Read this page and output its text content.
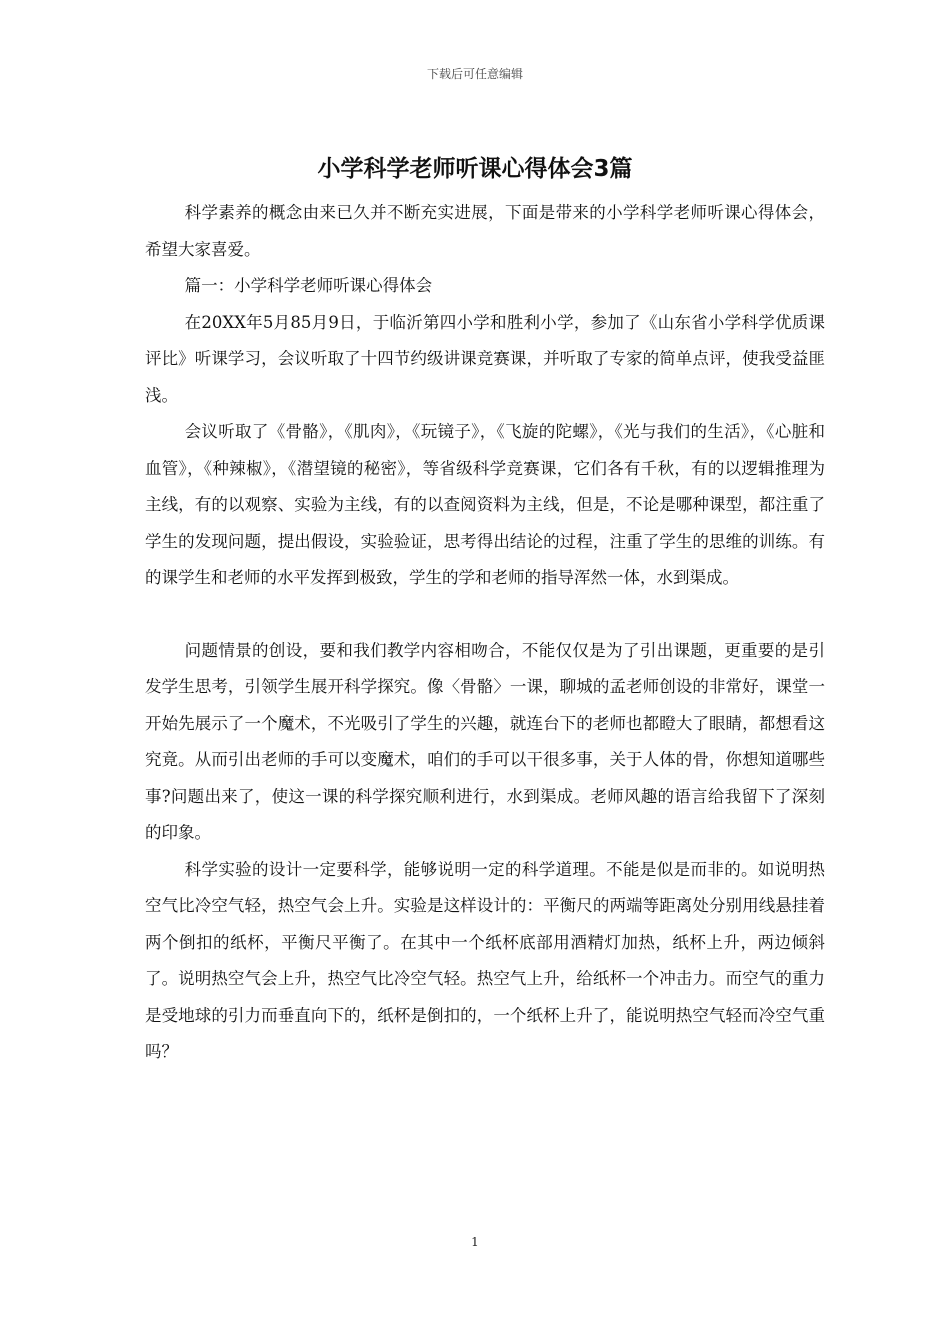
下载后可任意编辑
小学科学老师听课心得体会3篇

科学素养的概念由来已久并不断充实进展，下面是带来的小学科学老师听课心得体会，希望大家喜爱。

篇一：小学科学老师听课心得体会

在20XX年5月85月9日，于临沂第四小学和胜利小学，参加了《山东省小学科学优质课评比》听课学习，会议听取了十四节约级讲课竞赛课，并听取了专家的简单点评，使我受益匪浅。

会议听取了《骨骼》，《肌肉》，《玩镜子》，《飞旋的陀螺》，《光与我们的生活》，《心脏和血管》，《种辣椒》，《潜望镜的秘密》，等省级科学竞赛课，它们各有千秋，有的以逻辑推理为主线，有的以观察、实验为主线，有的以查阅资料为主线，但是，不论是哪种课型，都注重了学生的发现问题，提出假设，实验验证，思考得出结论的过程，注重了学生的思维的训练。有的课学生和老师的水平发挥到极致，学生的学和老师的指导浑然一体，水到渠成。

问题情景的创设，要和我们教学内容相吻合，不能仅仅是为了引出课题，更重要的是引发学生思考，引领学生展开科学探究。像〈骨骼〉一课，聊城的孟老师创设的非常好，课堂一开始先展示了一个魔术，不光吸引了学生的兴趣，就连台下的老师也都瞪大了眼睛，都想看这究竟。从而引出老师的手可以变魔术，咱们的手可以干很多事，关于人体的骨，你想知道哪些事?问题出来了，使这一课的科学探究顺利进行，水到渠成。老师风趣的语言给我留下了深刻的印象。

科学实验的设计一定要科学，能够说明一定的科学道理。不能是似是而非的。如说明热空气比冷空气轻，热空气会上升。实验是这样设计的：平衡尺的两端等距离处分别用线悬挂着两个倒扣的纸杯，平衡尺平衡了。在其中一个纸杯底部用酒精灯加热，纸杯上升，两边倾斜了。说明热空气会上升，热空气比冷空气轻。热空气上升，给纸杯一个冲击力。而空气的重力是受地球的引力而垂直向下的，纸杯是倒扣的，一个纸杯上升了，能说明热空气轻而冷空气重吗？

1
